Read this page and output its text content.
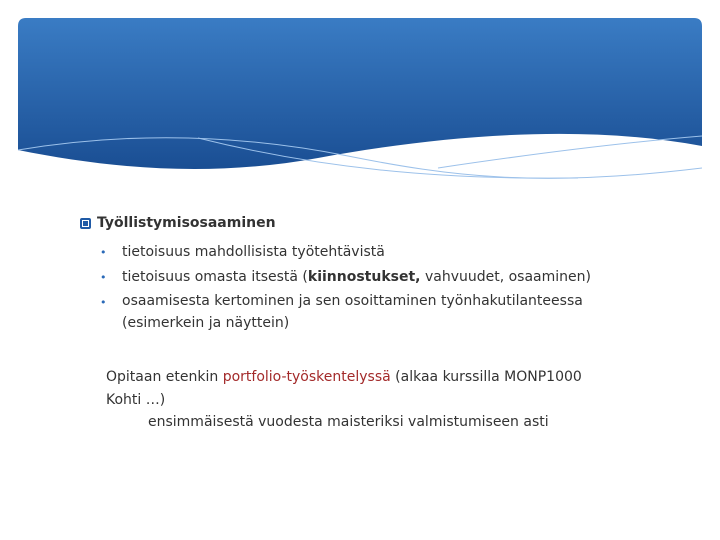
Työllistymisosaaminen
• tietoisuus mahdollisista työtehtävistä
• tietoisuus omasta itsestä (kiinnostukset, vahvuudet, osaaminen)
• osaamisesta kertominen ja sen osoittaminen työnhakutilanteessa
(esimerkein ja näyttein)
Opitaan etenkin portfolio-työskentelyssä (alkaa kurssilla MONP1000
Kohti …)
ensimmäisestä vuodesta maisteriksi valmistumiseen asti
